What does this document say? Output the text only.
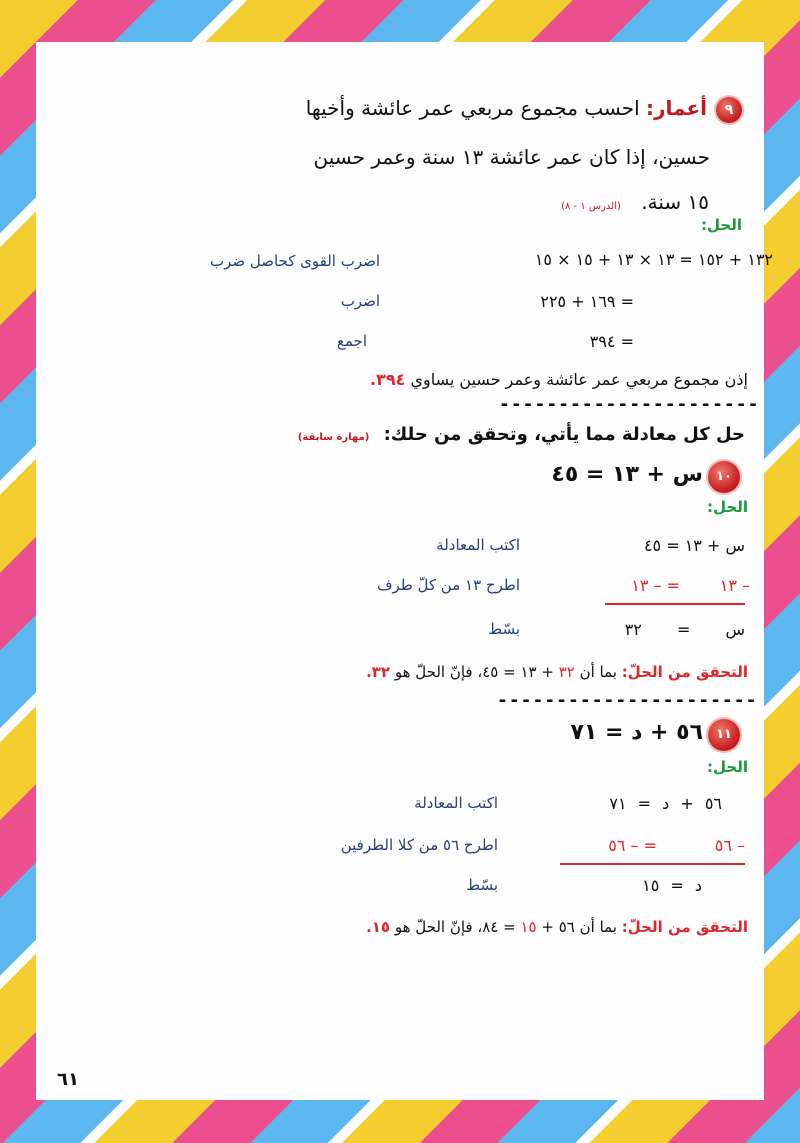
٩
أعمار: احسب مجموع مربعي عمر عائشة وأخيها
حسين، إذا كان عمر عائشة ١٣ سنة وعمر حسين
١٥ سنة. (الدرس ١ - ٨)
الحل:
١٣٢ + ١٥٢ = ١٣ × ١٣ + ١٥ × ١٥
اضرب القوى كحاصل ضرب
= ١٦٩ + ٢٢٥
اضرب
= ٣٩٤
اجمع
إذن مجموع مربعي عمر عائشة وعمر حسين يساوي ٣٩٤.
----------------------
حل كل معادلة مما يأتي، وتحقق من حلك: (مهارة سابقة)
١٠
س + ١٣ = ٤٥
الحل:
س + ١٣ = ٤٥
اكتب المعادلة
– ١٣
= – ١٣
اطرح ١٣ من كلّ طرف
س = ٣٢
بسّط
التحقق من الحلّ: بما أن ٣٢ + ١٣ = ٤٥، فإنّ الحلّ هو ٣٢.
----------------------
١١
٥٦ + د = ٧١
الحل:
٥٦ + د = ٧١
اكتب المعادلة
– ٥٦
= – ٥٦
اطرح ٥٦ من كلا الطرفين
د = ١٥
بسّط
التحقق من الحلّ: بما أن ٥٦ + ١٥ = ٨٤، فإنّ الحلّ هو ١٥.
٦١
